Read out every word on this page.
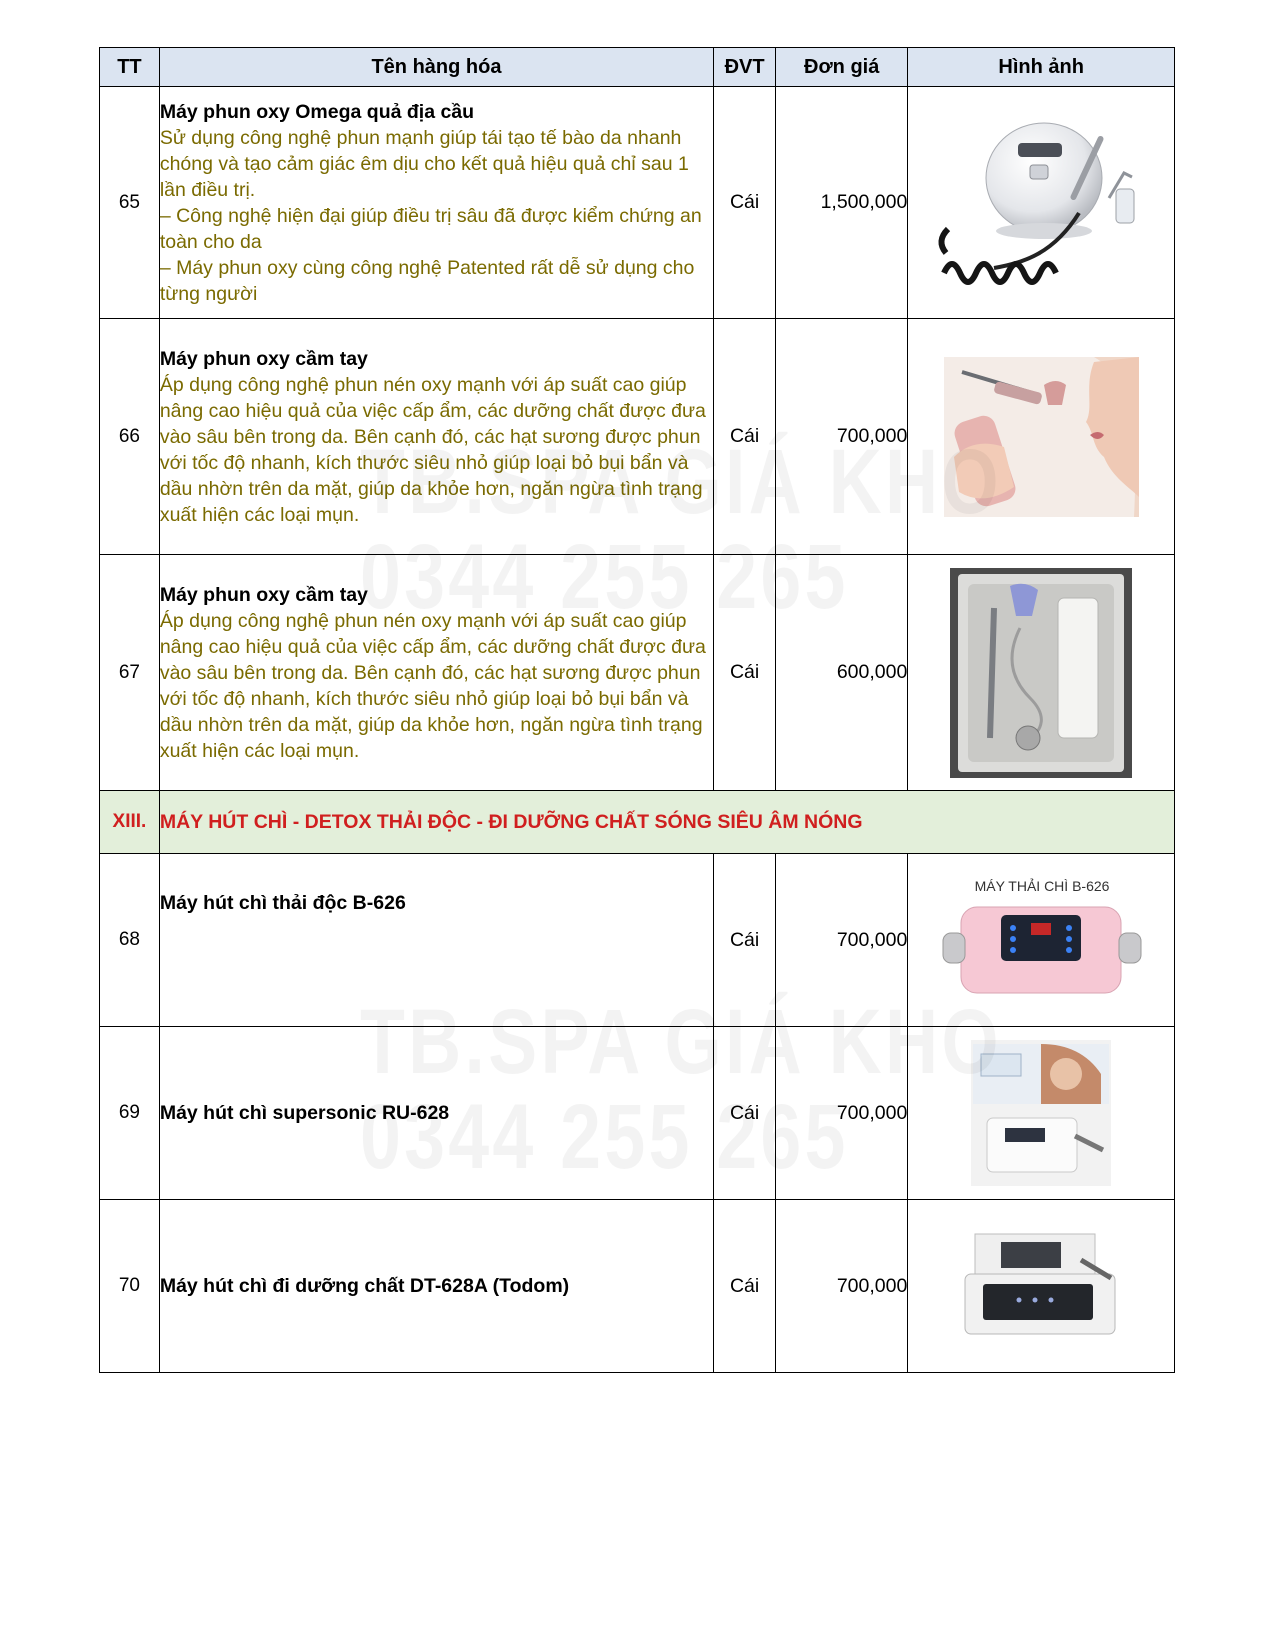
TT	Tên hàng hóa	ĐVT	Đơn giá	Hình ảnh
65	Máy phun oxy Omega quả địa cầu
Sử dụng công nghệ phun mạnh giúp tái tạo tế bào da nhanh chóng và tạo cảm giác êm dịu cho kết quả hiệu quả chỉ sau 1 lần điều trị.
– Công nghệ hiện đại giúp điều trị sâu đã được kiểm chứng an toàn cho da
– Máy phun oxy cùng công nghệ Patented rất dễ sử dụng cho từng người	Cái	1,500,000	
66	Máy phun oxy cầm tay
Áp dụng công nghệ phun nén oxy mạnh với áp suất cao giúp nâng cao hiệu quả của việc cấp ẩm, các dưỡng chất được đưa vào sâu bên trong da. Bên cạnh đó, các hạt sương được phun với tốc độ nhanh, kích thước siêu nhỏ giúp loại bỏ bụi bẩn và dầu nhờn trên da mặt, giúp da khỏe hơn, ngăn ngừa tình trạng xuất hiện các loại mụn.	Cái	700,000	
67	Máy phun oxy cầm tay
Áp dụng công nghệ phun nén oxy mạnh với áp suất cao giúp nâng cao hiệu quả của việc cấp ẩm, các dưỡng chất được đưa vào sâu bên trong da. Bên cạnh đó, các hạt sương được phun với tốc độ nhanh, kích thước siêu nhỏ giúp loại bỏ bụi bẩn và dầu nhờn trên da mặt, giúp da khỏe hơn, ngăn ngừa tình trạng xuất hiện các loại mụn.	Cái	600,000	
XIII.	MÁY HÚT CHÌ - DETOX THẢI ĐỘC - ĐI DƯỠNG CHẤT SÓNG SIÊU ÂM NÓNG			
68	Máy hút chì thải độc B-626	Cái	700,000	MÁY THẢI CHÌ B-626

69	Máy hút chì supersonic RU-628	Cái	700,000	
70	Máy hút chì đi dưỡng chất DT-628A (Todom)	Cái	700,000	
